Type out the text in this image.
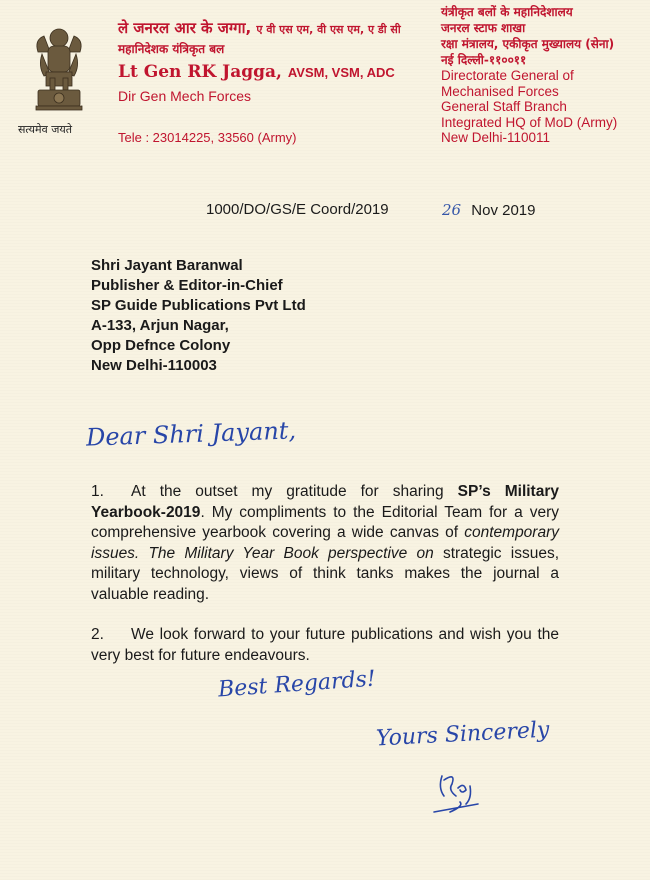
सत्यमेव जयते
ले जनरल आर के जग्गा, ए वी एस एम, वी एस एम, ए डी सी
महानिदेशक यंत्रिकृत बल
Lt Gen RK Jagga, AVSM, VSM, ADC
Dir Gen Mech Forces
Tele : 23014225, 33560 (Army)
यंत्रीकृत बलों के महानिदेशालय
जनरल स्टाफ शाखा
रक्षा मंत्रालय, एकीकृत मुख्यालय (सेना)
नई दिल्ली-११००११
Directorate General of
Mechanised Forces
General Staff Branch
Integrated HQ of MoD (Army)
New Delhi-110011
1000/DO/GS/E Coord/2019	26 Nov 2019
Shri Jayant Baranwal
Publisher & Editor-in-Chief
SP Guide Publications Pvt Ltd
A-133, Arjun Nagar,
Opp Defnce Colony
New Delhi-110003
Dear Shri Jayant,

1. At the outset my gratitude for sharing SP’s Military Yearbook-2019. My compliments to the Editorial Team for a very comprehensive yearbook covering a wide canvas of contemporary issues. The Military Year Book perspective on strategic issues, military technology, views of think tanks makes the journal a valuable reading.

2. We look forward to your future publications and wish you the very best for future endeavours.

Best Regards!
Yours Sincerely
